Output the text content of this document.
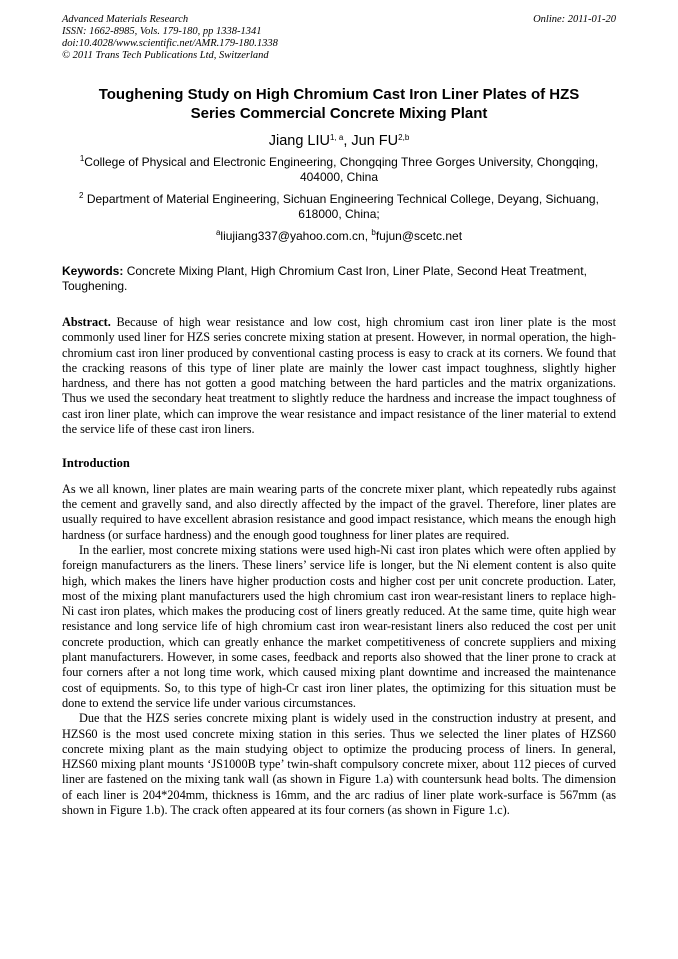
Advanced Materials Research
ISSN: 1662-8985, Vols. 179-180, pp 1338-1341
doi:10.4028/www.scientific.net/AMR.179-180.1338
© 2011 Trans Tech Publications Ltd, Switzerland
Online: 2011-01-20
Toughening Study on High Chromium Cast Iron Liner Plates of HZS
Series Commercial Concrete Mixing Plant
Jiang LIU$^{1, a}$, Jun FU$^{2,b}$
$^1$College of Physical and Electronic Engineering, Chongqing Three Gorges University, Chongqing, 404000, China
$^2$ Department of Material Engineering, Sichuan Engineering Technical College, Deyang, Sichuang, 618000, China;
$^a$liujiang337@yahoo.com.cn, $^b$fujun@scetc.net

Keywords: Concrete Mixing Plant, High Chromium Cast Iron, Liner Plate, Second Heat Treatment, Toughening.

Abstract. Because of high wear resistance and low cost, high chromium cast iron liner plate is the most commonly used liner for HZS series concrete mixing station at present. However, in normal operation, the high-chromium cast iron liner produced by conventional casting process is easy to crack at its corners. We found that the cracking reasons of this type of liner plate are mainly the lower cast impact toughness, slightly higher hardness, and there has not gotten a good matching between the hard particles and the matrix organizations. Thus we used the secondary heat treatment to slightly reduce the hardness and increase the impact toughness of cast iron liner plate, which can improve the wear resistance and impact resistance of the liner material to extend the service life of these cast iron liners.

Introduction

As we all known, liner plates are main wearing parts of the concrete mixer plant, which repeatedly rubs against the cement and gravelly sand, and also directly affected by the impact of the gravel. Therefore, liner plates are usually required to have excellent abrasion resistance and good impact resistance, which means the enough high hardness (or surface hardness) and the enough good toughness for liner plates are required.

In the earlier, most concrete mixing stations were used high-Ni cast iron plates which were often applied by foreign manufacturers as the liners. These liners’ service life is longer, but the Ni element content is also quite high, which makes the liners have higher production costs and higher cost per unit concrete production. Later, most of the mixing plant manufacturers used the high chromium cast iron wear-resistant liners to replace high-Ni cast iron plates, which makes the producing cost of liners greatly reduced. At the same time, quite high wear resistance and long service life of high chromium cast iron wear-resistant liners also reduced the cost per unit concrete production, which can greatly enhance the market competitiveness of concrete suppliers and mixing plant manufacturers. However, in some cases, feedback and reports also showed that the liner prone to crack at four corners after a not long time work, which caused mixing plant downtime and increased the maintenance cost of equipments. So, to this type of high-Cr cast iron liner plates, the optimizing for this situation must be done to extend the service life under various circumstances.

Due that the HZS series concrete mixing plant is widely used in the construction industry at present, and HZS60 is the most used concrete mixing station in this series. Thus we selected the liner plates of HZS60 concrete mixing plant as the main studying object to optimize the producing process of liners. In general, HZS60 mixing plant mounts ‘JS1000B type’ twin-shaft compulsory concrete mixer, about 112 pieces of curved liner are fastened on the mixing tank wall (as shown in Figure 1.a) with countersunk head bolts. The dimension of each liner is 204*204mm, thickness is 16mm, and the arc radius of liner plate work-surface is 567mm (as shown in Figure 1.b). The crack often appeared at its four corners (as shown in Figure 1.c).
